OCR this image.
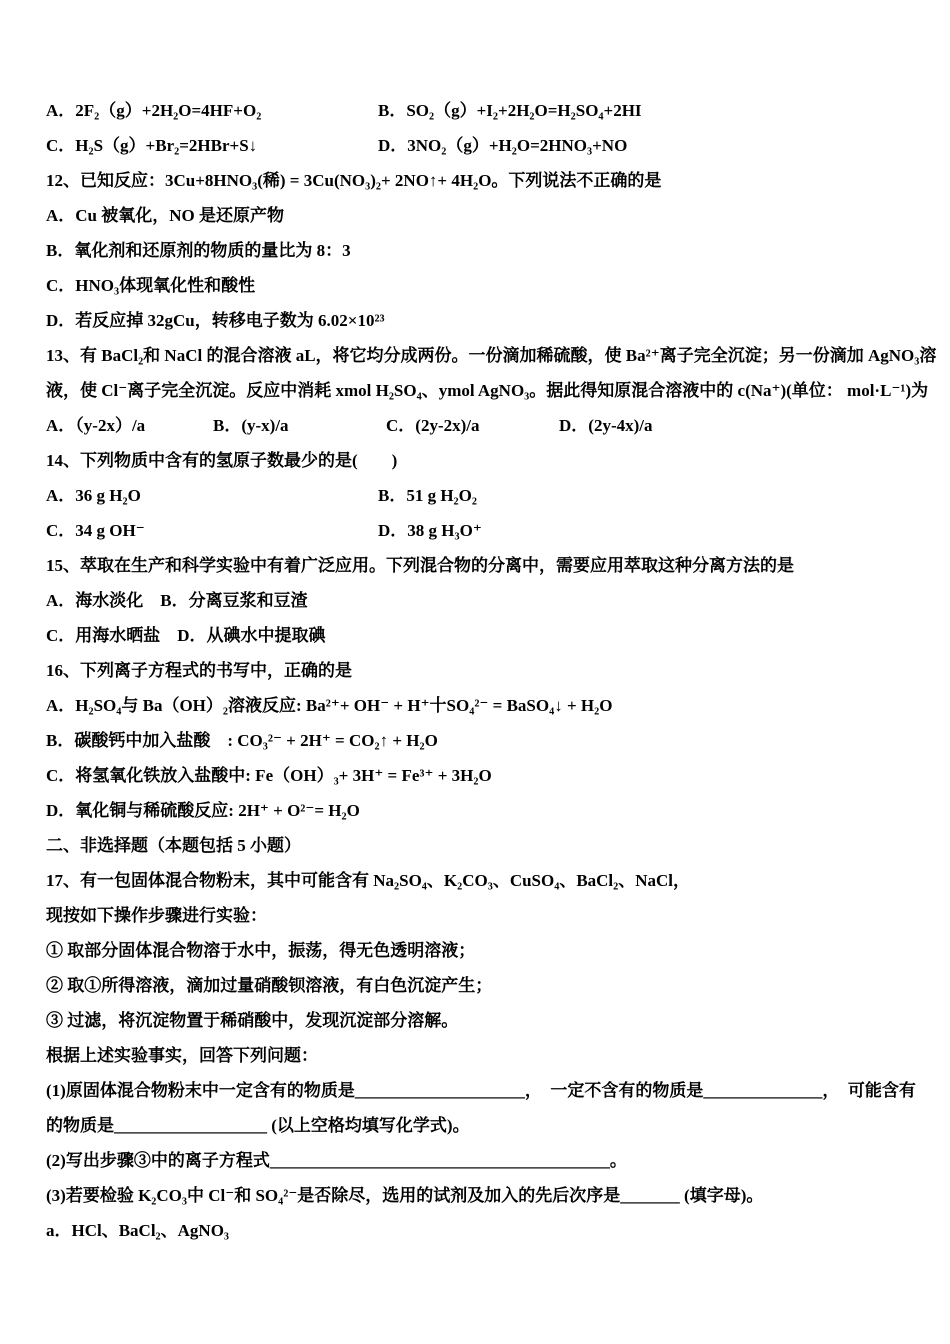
A．2F₂（g）+2H₂O=4HF+O₂	B．SO₂（g）+I₂+2H₂O=H₂SO₄+2HI
C．H₂S（g）+Br₂=2HBr+S↓	D．3NO₂（g）+H₂O=2HNO₃+NO
12、已知反应：3Cu+8HNO₃(稀) = 3Cu(NO₃)₂+ 2NO↑+ 4H₂O。下列说法不正确的是
A．Cu 被氧化，NO 是还原产物
B．氧化剂和还原剂的物质的量比为 8：3
C．HNO₃体现氧化性和酸性
D．若反应掉 32gCu，转移电子数为 6.02×10²³
13、有 BaCl₂和 NaCl 的混合溶液 aL，将它均分成两份。一份滴加稀硫酸，使 Ba²⁺离子完全沉淀；另一份滴加 AgNO₃溶
液，使 Cl⁻离子完全沉淀。反应中消耗 xmol H₂SO₄、ymol AgNO₃。据此得知原混合溶液中的 c(Na⁺)(单位： mol·L⁻¹)为
A．（y-2x）/a	B．(y-x)/a	C．(2y-2x)/a	D．(2y-4x)/a
14、下列物质中含有的氢原子数最少的是(　　)
A．36 g H₂O	B．51 g H₂O₂
C．34 g OH⁻	D．38 g H₃O⁺
15、萃取在生产和科学实验中有着广泛应用。下列混合物的分离中，需要应用萃取这种分离方法的是
A．海水淡化　B．分离豆浆和豆渣
C．用海水晒盐　D．从碘水中提取碘
16、下列离子方程式的书写中，正确的是
A．H₂SO₄与 Ba（OH）₂溶液反应: Ba²⁺+ OH⁻ + H⁺十SO₄²⁻ = BaSO₄↓ + H₂O
B．碳酸钙中加入盐酸　: CO₃²⁻ + 2H⁺ = CO₂↑ + H₂O
C．将氢氧化铁放入盐酸中: Fe（OH）₃+ 3H⁺ = Fe³⁺ + 3H₂O
D．氧化铜与稀硫酸反应: 2H⁺ + O²⁻= H₂O
二、非选择题（本题包括 5 小题）
17、有一包固体混合物粉末，其中可能含有 Na₂SO₄、K₂CO₃、CuSO₄、BaCl₂、NaCl，
现按如下操作步骤进行实验：
① 取部分固体混合物溶于水中，振荡，得无色透明溶液；
② 取①所得溶液，滴加过量硝酸钡溶液，有白色沉淀产生；
③ 过滤，将沉淀物置于稀硝酸中，发现沉淀部分溶解。
根据上述实验事实，回答下列问题：
(1)原固体混合物粉末中一定含有的物质是____________________，  一定不含有的物质是______________，  可能含有
的物质是__________________ (以上空格均填写化学式)。
(2)写出步骤③中的离子方程式________________________________________。
(3)若要检验 K₂CO₃中 Cl⁻和 SO₄²⁻是否除尽，选用的试剂及加入的先后次序是_______ (填字母)。
a．HCl、BaCl₂、AgNO₃
